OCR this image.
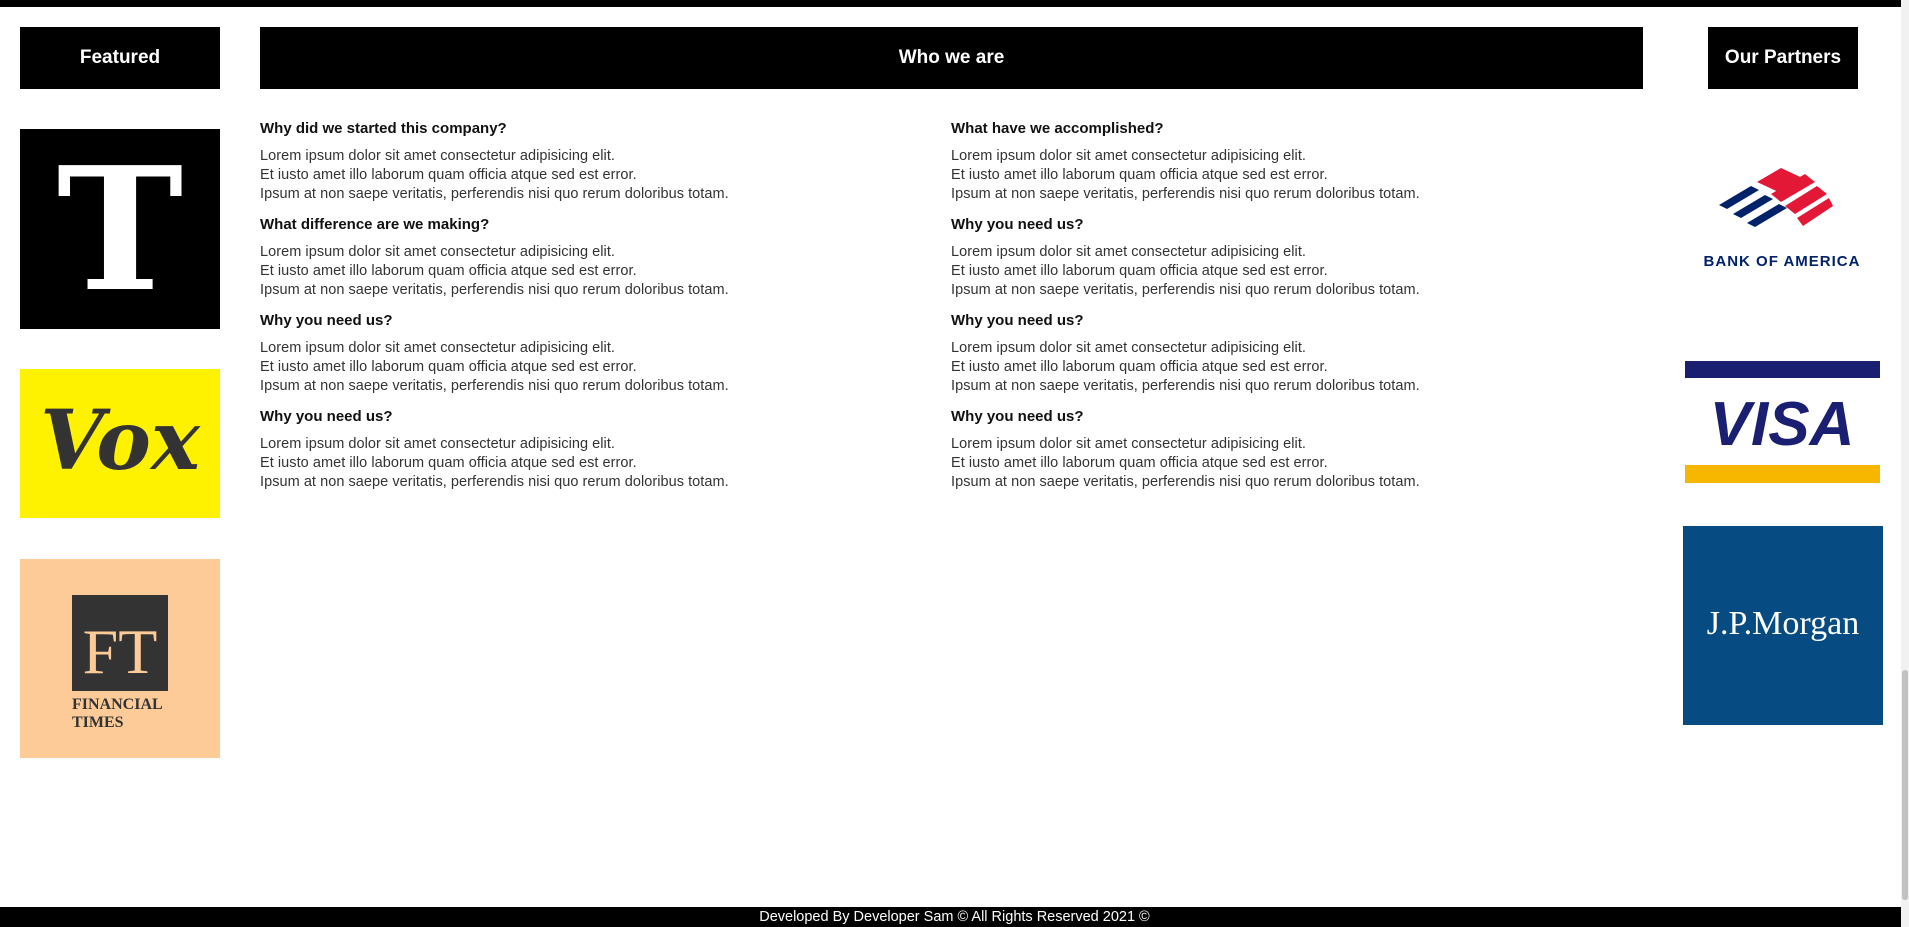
Featured	Who we are	Our Partners
T
Vox
FT
FINANCIAL
TIMES
BANK OF AMERICA
VISA
J.P.Morgan
Why did we started this company?

Lorem ipsum dolor sit amet consectetur adipisicing elit.

Et iusto amet illo laborum quam officia atque sed est error.

Ipsum at non saepe veritatis, perferendis nisi quo rerum doloribus totam.

What difference are we making?

Lorem ipsum dolor sit amet consectetur adipisicing elit.

Et iusto amet illo laborum quam officia atque sed est error.

Ipsum at non saepe veritatis, perferendis nisi quo rerum doloribus totam.

Why you need us?

Lorem ipsum dolor sit amet consectetur adipisicing elit.

Et iusto amet illo laborum quam officia atque sed est error.

Ipsum at non saepe veritatis, perferendis nisi quo rerum doloribus totam.

Why you need us?

Lorem ipsum dolor sit amet consectetur adipisicing elit.

Et iusto amet illo laborum quam officia atque sed est error.

Ipsum at non saepe veritatis, perferendis nisi quo rerum doloribus totam.

What have we accomplished?

Lorem ipsum dolor sit amet consectetur adipisicing elit.

Et iusto amet illo laborum quam officia atque sed est error.

Ipsum at non saepe veritatis, perferendis nisi quo rerum doloribus totam.

Why you need us?

Lorem ipsum dolor sit amet consectetur adipisicing elit.

Et iusto amet illo laborum quam officia atque sed est error.

Ipsum at non saepe veritatis, perferendis nisi quo rerum doloribus totam.

Why you need us?

Lorem ipsum dolor sit amet consectetur adipisicing elit.

Et iusto amet illo laborum quam officia atque sed est error.

Ipsum at non saepe veritatis, perferendis nisi quo rerum doloribus totam.

Why you need us?

Lorem ipsum dolor sit amet consectetur adipisicing elit.

Et iusto amet illo laborum quam officia atque sed est error.

Ipsum at non saepe veritatis, perferendis nisi quo rerum doloribus totam.

Developed By Developer Sam © All Rights Reserved 2021 ©
